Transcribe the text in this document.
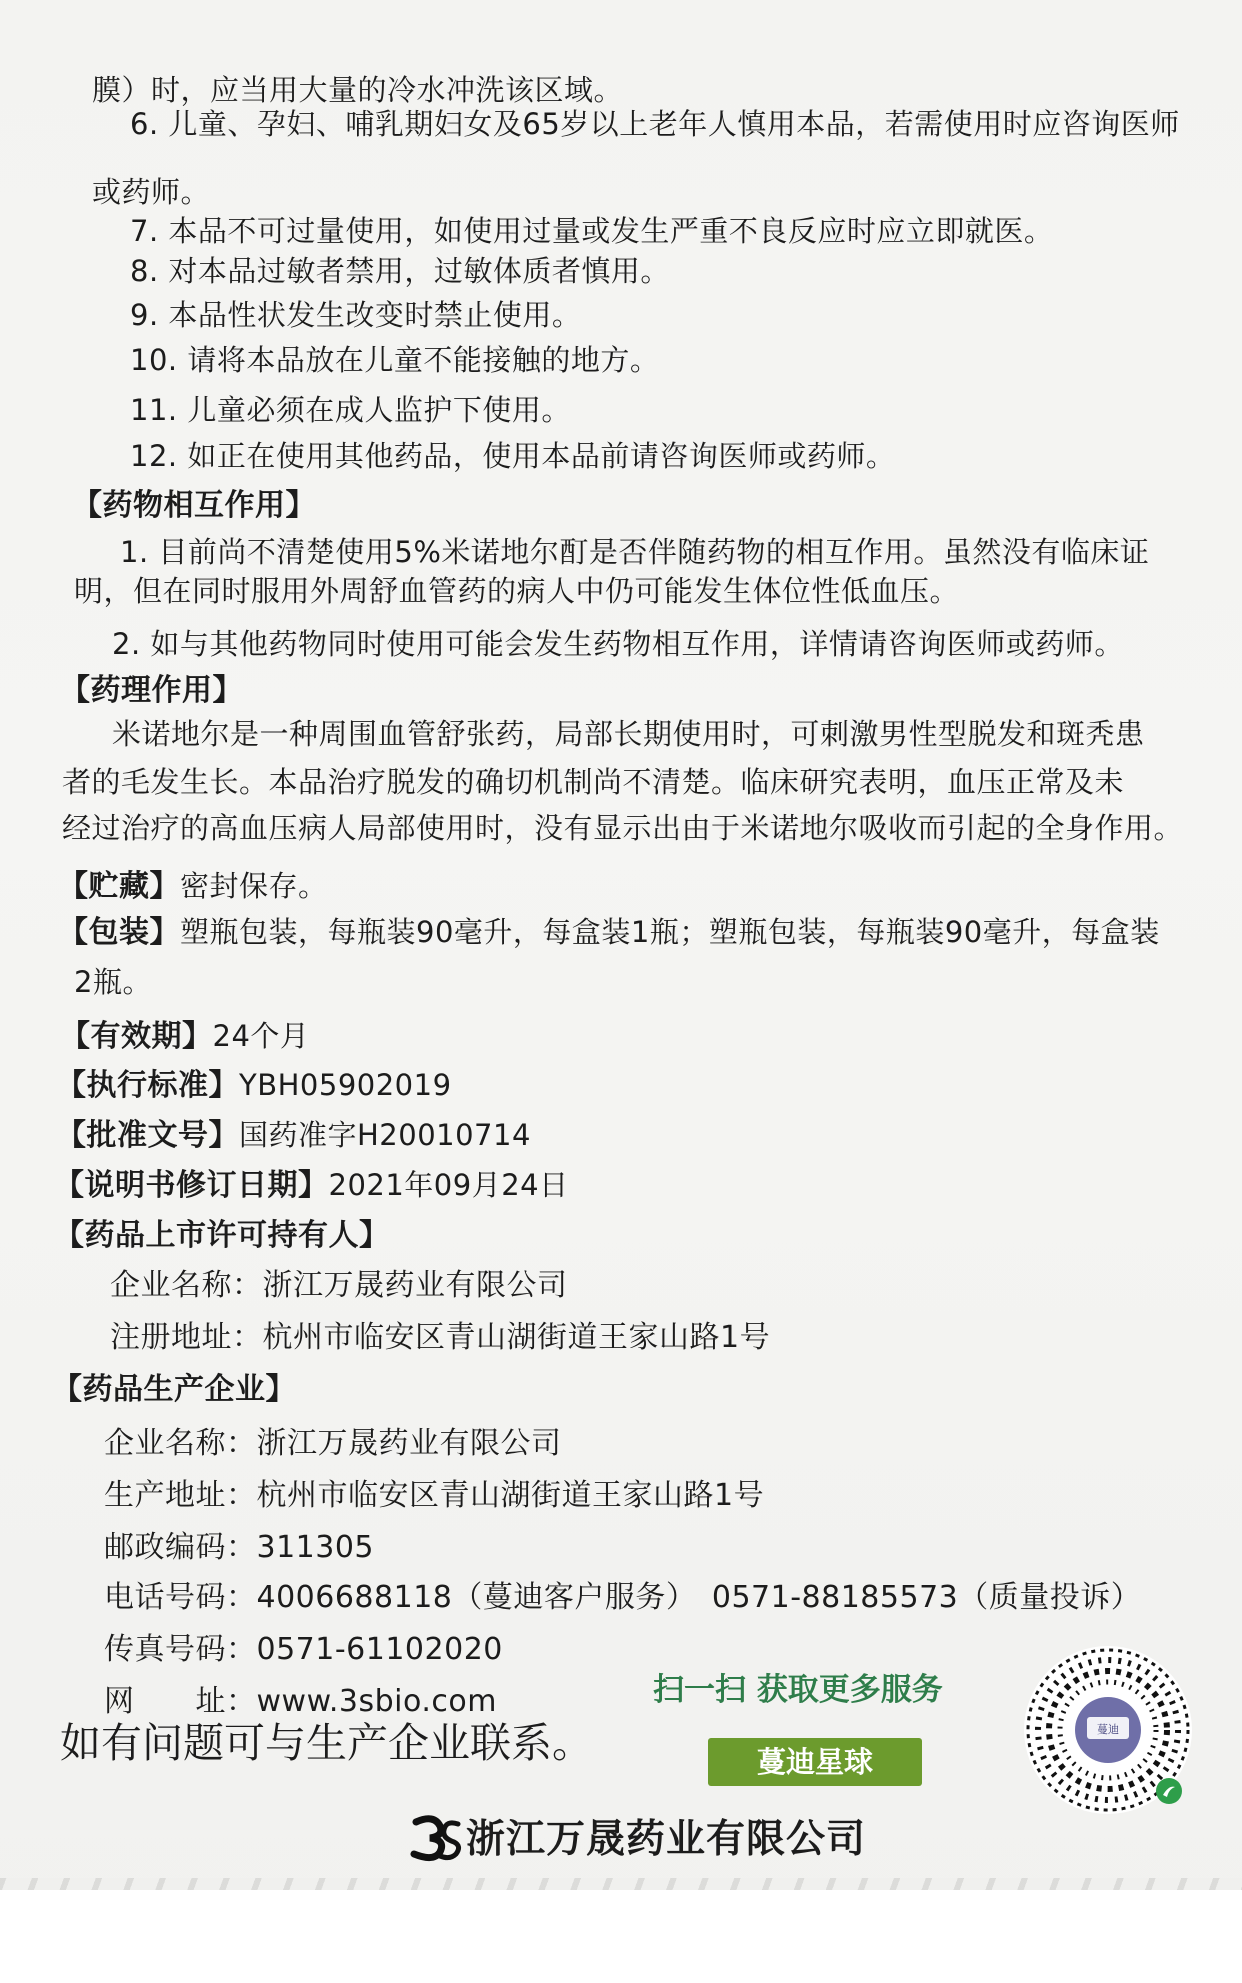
膜）时，应当用大量的冷水冲洗该区域。
6. 儿童、孕妇、哺乳期妇女及65岁以上老年人慎用本品，若需使用时应咨询医师
或药师。
7. 本品不可过量使用，如使用过量或发生严重不良反应时应立即就医。
8. 对本品过敏者禁用，过敏体质者慎用。
9. 本品性状发生改变时禁止使用。
10. 请将本品放在儿童不能接触的地方。
11. 儿童必须在成人监护下使用。
12. 如正在使用其他药品，使用本品前请咨询医师或药师。
【药物相互作用】
1. 目前尚不清楚使用5%米诺地尔酊是否伴随药物的相互作用。虽然没有临床证
明，但在同时服用外周舒血管药的病人中仍可能发生体位性低血压。
2. 如与其他药物同时使用可能会发生药物相互作用，详情请咨询医师或药师。
【药理作用】
米诺地尔是一种周围血管舒张药，局部长期使用时，可刺激男性型脱发和斑秃患
者的毛发生长。本品治疗脱发的确切机制尚不清楚。临床研究表明，血压正常及未
经过治疗的高血压病人局部使用时，没有显示出由于米诺地尔吸收而引起的全身作用。
【贮藏】密封保存。
【包装】塑瓶包装，每瓶装90毫升，每盒装1瓶；塑瓶包装，每瓶装90毫升，每盒装
2瓶。
【有效期】24个月
【执行标准】YBH05902019
【批准文号】国药准字H20010714
【说明书修订日期】2021年09月24日
【药品上市许可持有人】
企业名称：浙江万晟药业有限公司
注册地址：杭州市临安区青山湖街道王家山路1号
【药品生产企业】
企业名称：浙江万晟药业有限公司
生产地址：杭州市临安区青山湖街道王家山路1号
邮政编码：311305
电话号码：4006688118（蔓迪客户服务）　0571-88185573（质量投诉）
传真号码：0571-61102020
网　　址：www.3sbio.com
如有问题可与生产企业联系。
扫一扫 获取更多服务
蔓迪星球
蔓迪
浙江万晟药业有限公司
